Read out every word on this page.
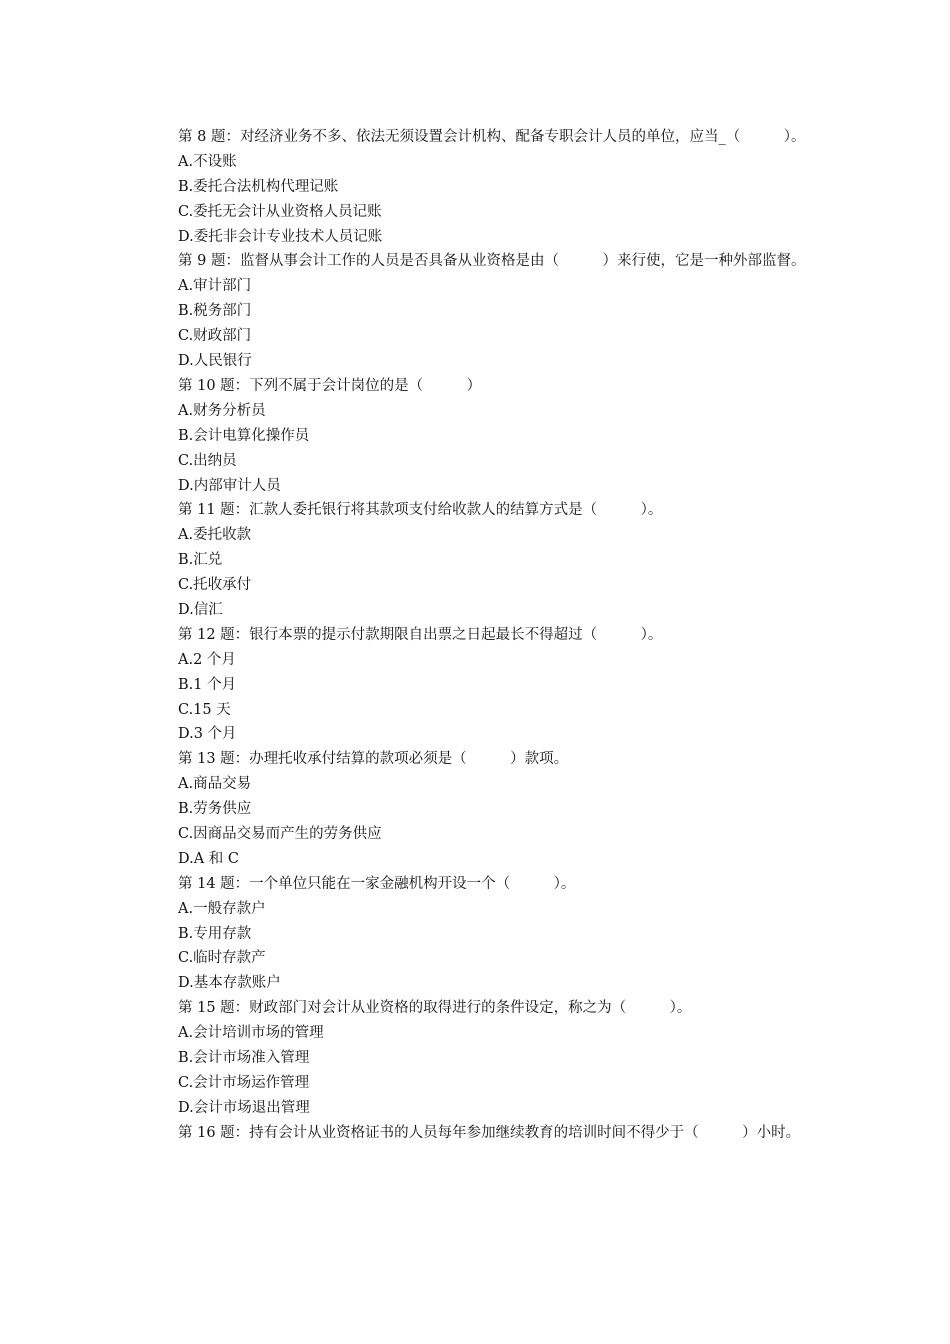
第 8 题：对经济业务不多、依法无须设置会计机构、配备专职会计人员的单位，应当_（　　　）。
A.不设账
B.委托合法机构代理记账
C.委托无会计从业资格人员记账
D.委托非会计专业技术人员记账
第 9 题：监督从事会计工作的人员是否具备从业资格是由（　　　）来行使，它是一种外部监督。
A.审计部门
B.税务部门
C.财政部门
D.人民银行
第 10 题：下列不属于会计岗位的是（　　　）
A.财务分析员
B.会计电算化操作员
C.出纳员
D.内部审计人员
第 11 题：汇款人委托银行将其款项支付给收款人的结算方式是（　　　）。
A.委托收款
B.汇兑
C.托收承付
D.信汇
第 12 题：银行本票的提示付款期限自出票之日起最长不得超过（　　　）。
A.2 个月
B.1 个月
C.15 天
D.3 个月
第 13 题：办理托收承付结算的款项必须是（　　　）款项。
A.商品交易
B.劳务供应
C.因商品交易而产生的劳务供应
D.A 和 C
第 14 题：一个单位只能在一家金融机构开设一个（　　　）。
A.一般存款户
B.专用存款
C.临时存款产
D.基本存款账户
第 15 题：财政部门对会计从业资格的取得进行的条件设定，称之为（　　　）。
A.会计培训市场的管理
B.会计市场准入管理
C.会计市场运作管理
D.会计市场退出管理
第 16 题：持有会计从业资格证书的人员每年参加继续教育的培训时间不得少于（　　　）小时。
